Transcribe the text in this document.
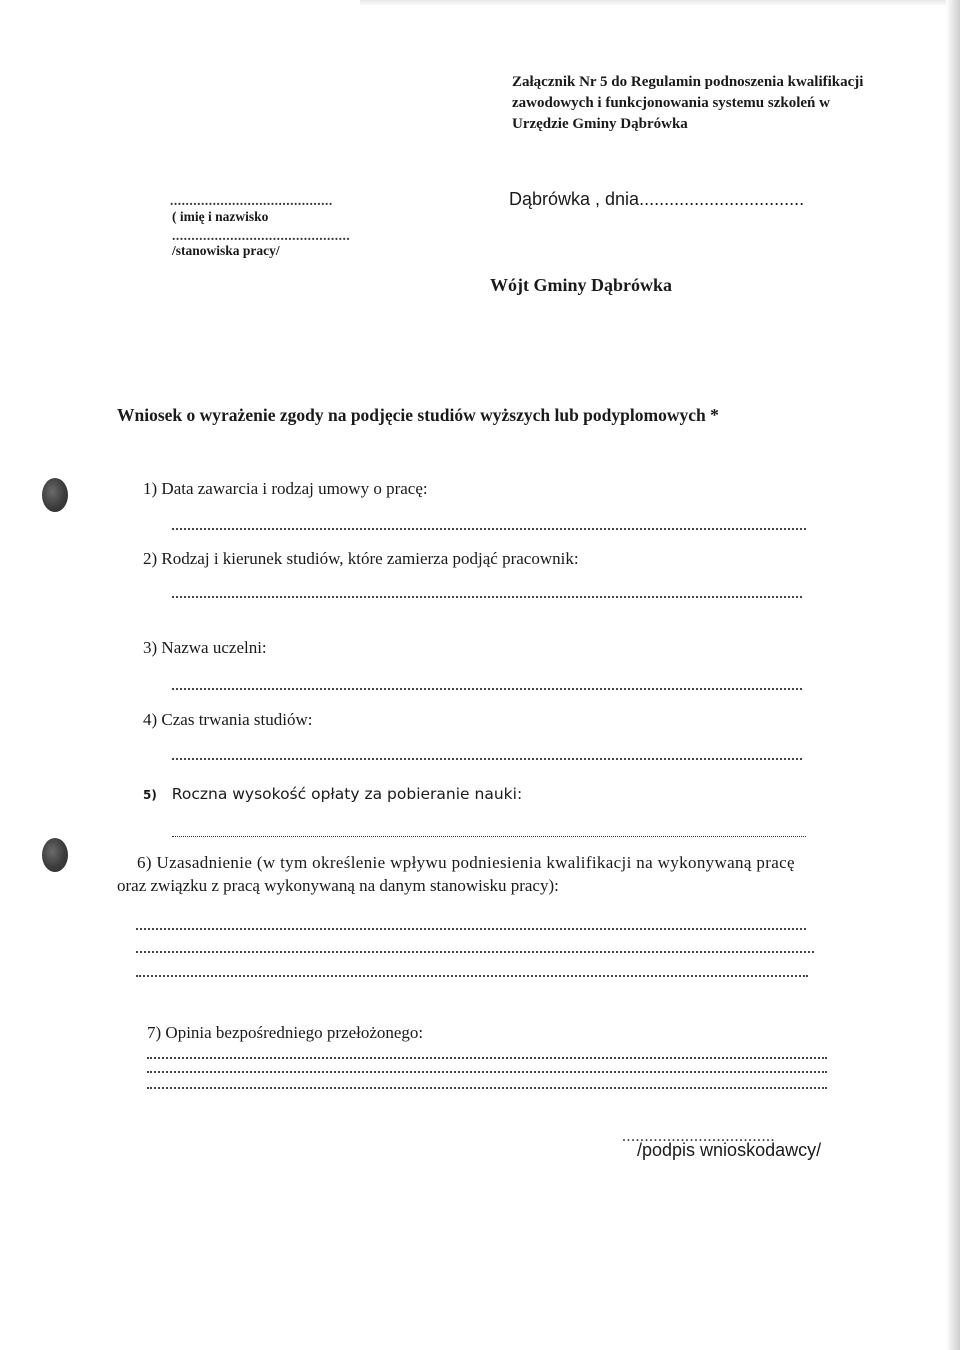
Załącznik Nr 5 do Regulamin podnoszenia kwalifikacji
zawodowych i funkcjonowania systemu szkoleń w
Urzędzie Gminy Dąbrówka
..........................................
( imię i nazwisko
..............................................
/stanowiska pracy/
Dąbrówka , dnia.................................
Wójt Gminy Dąbrówka
Wniosek o wyrażenie zgody na podjęcie studiów wyższych lub podyplomowych *
1) Data zawarcia i rodzaj umowy o pracę:
2) Rodzaj i kierunek studiów, które zamierza podjąć pracownik:
3) Nazwa uczelni:
4) Czas trwania studiów:
5) Roczna wysokość opłaty za pobieranie nauki:
6) Uzasadnienie (w tym określenie wpływu podniesienia kwalifikacji na wykonywaną pracę
oraz związku z pracą wykonywaną na danym stanowisku pracy):
7) Opinia bezpośredniego przełożonego:
..................................
/podpis wnioskodawcy/
